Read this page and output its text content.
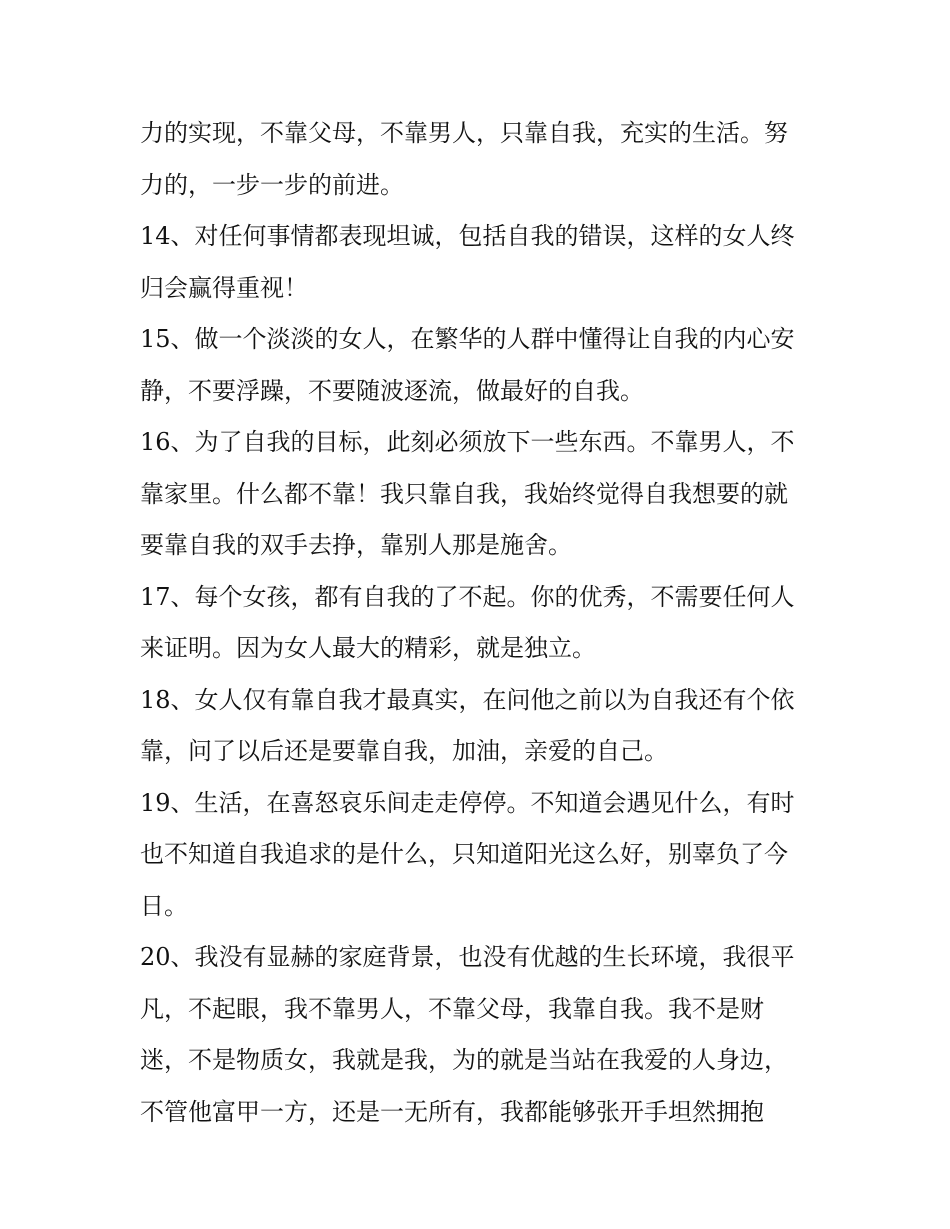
力的实现，不靠父母，不靠男人，只靠自我，充实的生活。努
力的，一步一步的前进。
14、对任何事情都表现坦诚，包括自我的错误，这样的女人终
归会赢得重视！
15、做一个淡淡的女人，在繁华的人群中懂得让自我的内心安
静，不要浮躁，不要随波逐流，做最好的自我。
16、为了自我的目标，此刻必须放下一些东西。不靠男人，不
靠家里。什么都不靠！我只靠自我，我始终觉得自我想要的就
要靠自我的双手去挣，靠别人那是施舍。
17、每个女孩，都有自我的了不起。你的优秀，不需要任何人
来证明。因为女人最大的精彩，就是独立。
18、女人仅有靠自我才最真实，在问他之前以为自我还有个依
靠，问了以后还是要靠自我，加油，亲爱的自己。
19、生活，在喜怒哀乐间走走停停。不知道会遇见什么，有时
也不知道自我追求的是什么，只知道阳光这么好，别辜负了今
日。
20、我没有显赫的家庭背景，也没有优越的生长环境，我很平
凡，不起眼，我不靠男人，不靠父母，我靠自我。我不是财
迷，不是物质女，我就是我，为的就是当站在我爱的人身边，
不管他富甲一方，还是一无所有，我都能够张开手坦然拥抱
